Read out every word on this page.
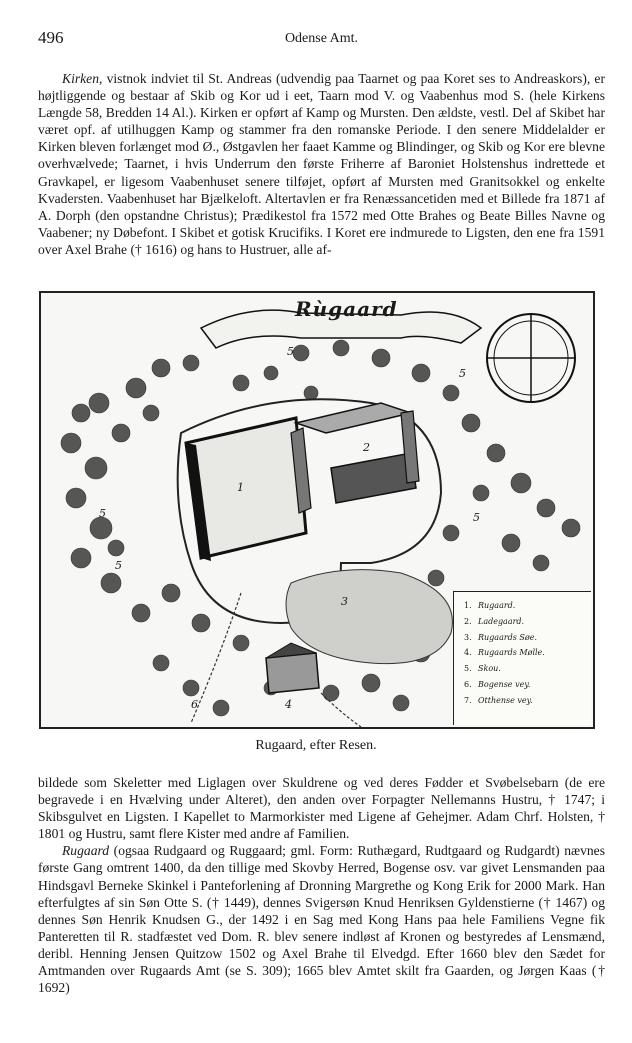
496	Odense Amt.

Kirken, vistnok indviet til St. Andreas (udvendig paa Taarnet og paa Koret ses to Andreaskors), er højtliggende og bestaar af Skib og Kor ud i eet, Taarn mod V. og Vaabenhus mod S. (hele Kirkens Længde 58, Bredden 14 Al.). Kirken er opført af Kamp og Mursten. Den ældste, vestl. Del af Skibet har været opf. af utilhuggen Kamp og stammer fra den romanske Periode. I den senere Middelalder er Kirken bleven forlænget mod Ø., Østgavlen her faaet Kamme og Blindinger, og Skib og Kor ere blevne overhvælvede; Taarnet, i hvis Underrum den første Friherre af Baroniet Holstenshus indrettede et Gravkapel, er ligesom Vaabenhuset senere tilføjet, opført af Mursten med Granitsokkel og enkelte Kvadersten. Vaabenhuset har Bjælkeloft. Altertavlen er fra Renæssancetiden med et Billede fra 1871 af A. Dorph (den opstandne Christus); Prædikestol fra 1572 med Otte Brahes og Beate Billes Navne og Vaabener; ny Døbefont. I Skibet et gotisk Krucifiks. I Koret ere indmurede to Ligsten, den ene fra 1591 over Axel Brahe († 1616) og hans to Hustruer, alle af-

Rùgaard
5
5
5
5
5
1
2
3
4
6
1. Rugaard.
2. Ladegaard.
3. Rugaards Søe.
4. Rugaards Mølle.
5. Skou.
6. Bogense vey.
7. Otthense vey.
Rugaard, efter Resen.

bildede som Skeletter med Liglagen over Skuldrene og ved deres Fødder et Svøbelsebarn (de ere begravede i en Hvælving under Alteret), den anden over Forpagter Nellemanns Hustru, † 1747; i Skibsgulvet en Ligsten. I Kapellet to Marmorkister med Ligene af Gehejmer. Adam Chrf. Holsten, † 1801 og Hustru, samt flere Kister med andre af Familien.

Rugaard (ogsaa Rudgaard og Ruggaard; gml. Form: Ruthægard, Rudtgaard og Rudgardt) nævnes første Gang omtrent 1400, da den tillige med Skovby Herred, Bogense osv. var givet Lensmanden paa Hindsgavl Berneke Skinkel i Panteforlening af Dronning Margrethe og Kong Erik for 2000 Mark. Han efterfulgtes af sin Søn Otte S. († 1449), dennes Svigersøn Knud Henriksen Gyldenstierne († 1467) og dennes Søn Henrik Knudsen G., der 1492 i en Sag med Kong Hans paa hele Familiens Vegne fik Panteretten til R. stadfæstet ved Dom. R. blev senere indløst af Kronen og bestyredes af Lensmænd, deribl. Henning Jensen Quitzow 1502 og Axel Brahe til Elvedgd. Efter 1660 blev den Sædet for Amtmanden over Rugaards Amt (se S. 309); 1665 blev Amtet skilt fra Gaarden, og Jørgen Kaas († 1692)
